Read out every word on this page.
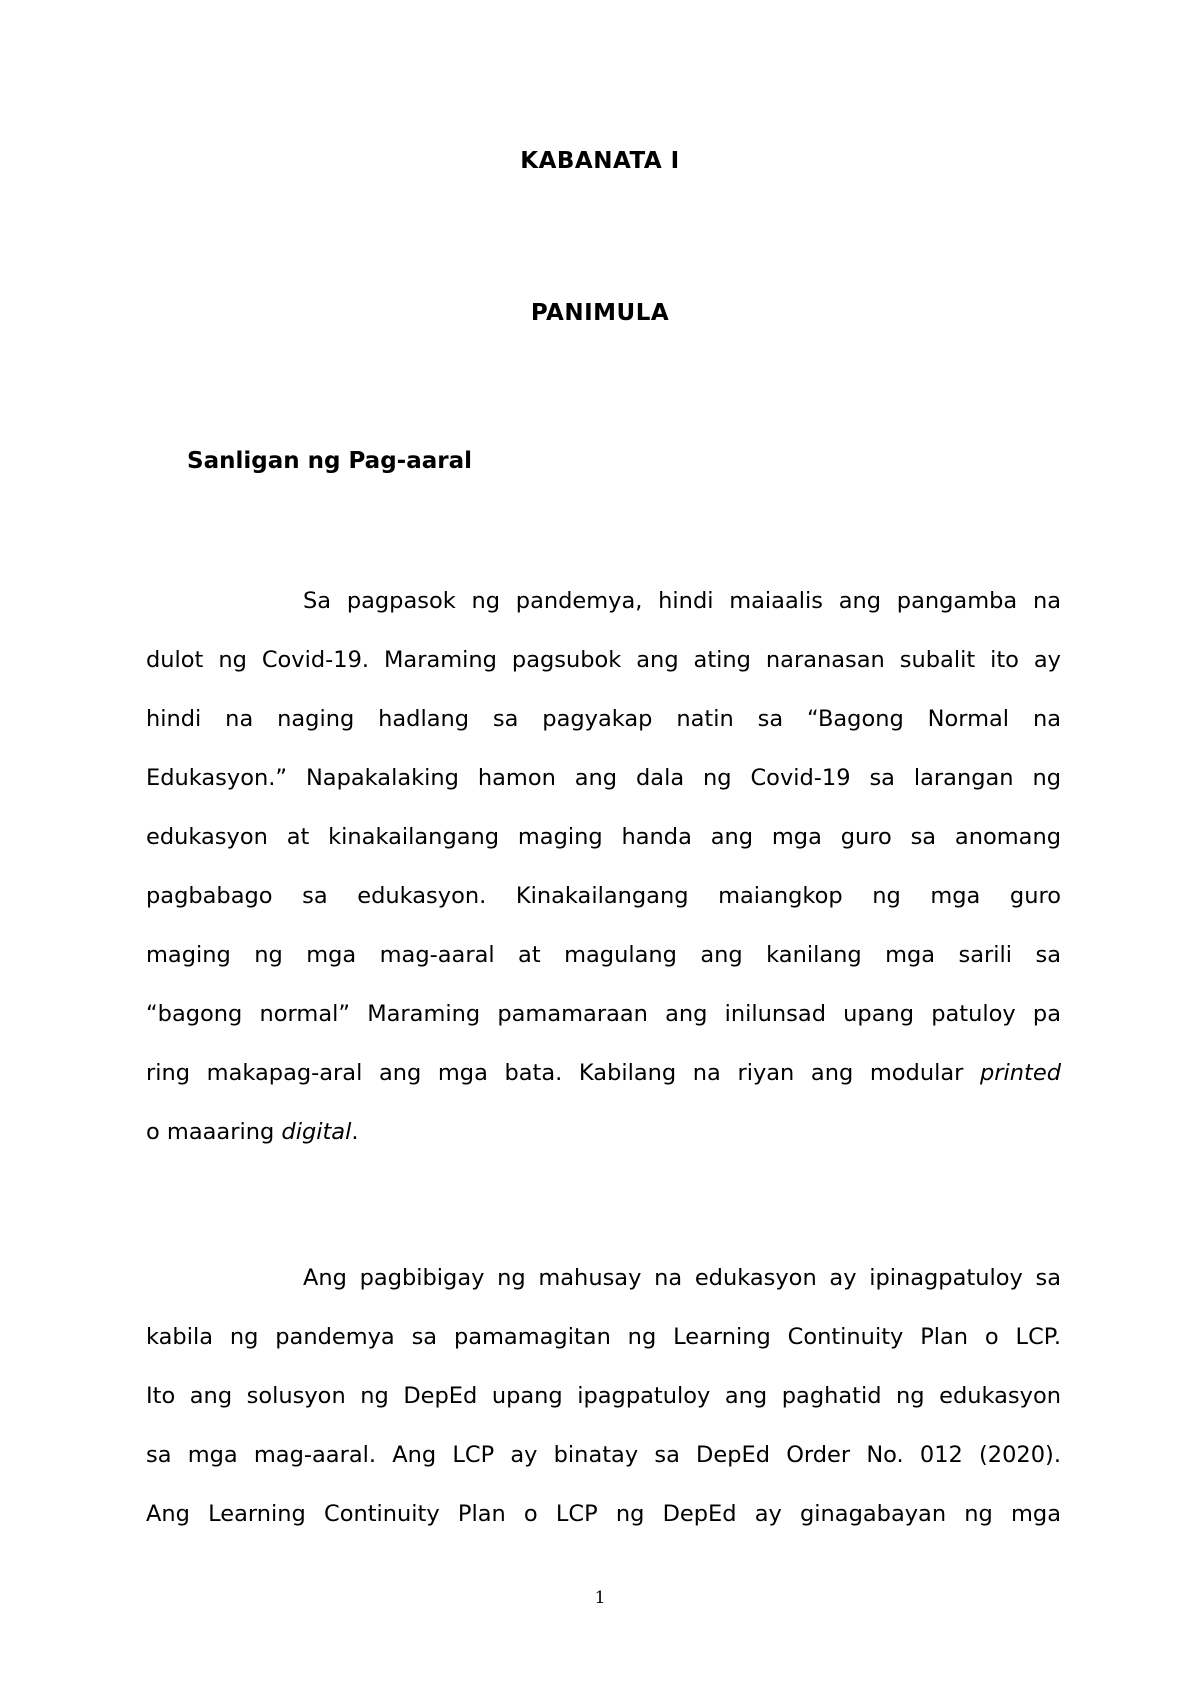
KABANATA I
PANIMULA
Sanligan ng Pag-aaral
Sa pagpasok ng pandemya, hindi maiaalis ang pangamba na
dulot ng Covid-19. Maraming pagsubok ang ating naranasan subalit ito ay
hindi na naging hadlang sa pagyakap natin sa “Bagong Normal na
Edukasyon.” Napakalaking hamon ang dala ng Covid-19 sa larangan ng
edukasyon at kinakailangang maging handa ang mga guro sa anomang
pagbabago sa edukasyon. Kinakailangang maiangkop ng mga guro
maging ng mga mag-aaral at magulang ang kanilang mga sarili sa
“bagong normal” Maraming pamamaraan ang inilunsad upang patuloy pa
ring makapag-aral ang mga bata. Kabilang na riyan ang modular printed
o maaaring digital.
Ang pagbibigay ng mahusay na edukasyon ay ipinagpatuloy sa
kabila ng pandemya sa pamamagitan ng Learning Continuity Plan o LCP.
Ito ang solusyon ng DepEd upang ipagpatuloy ang paghatid ng edukasyon
sa mga mag-aaral. Ang LCP ay binatay sa DepEd Order No. 012 (2020).
Ang Learning Continuity Plan o LCP ng DepEd ay ginagabayan ng mga
1
